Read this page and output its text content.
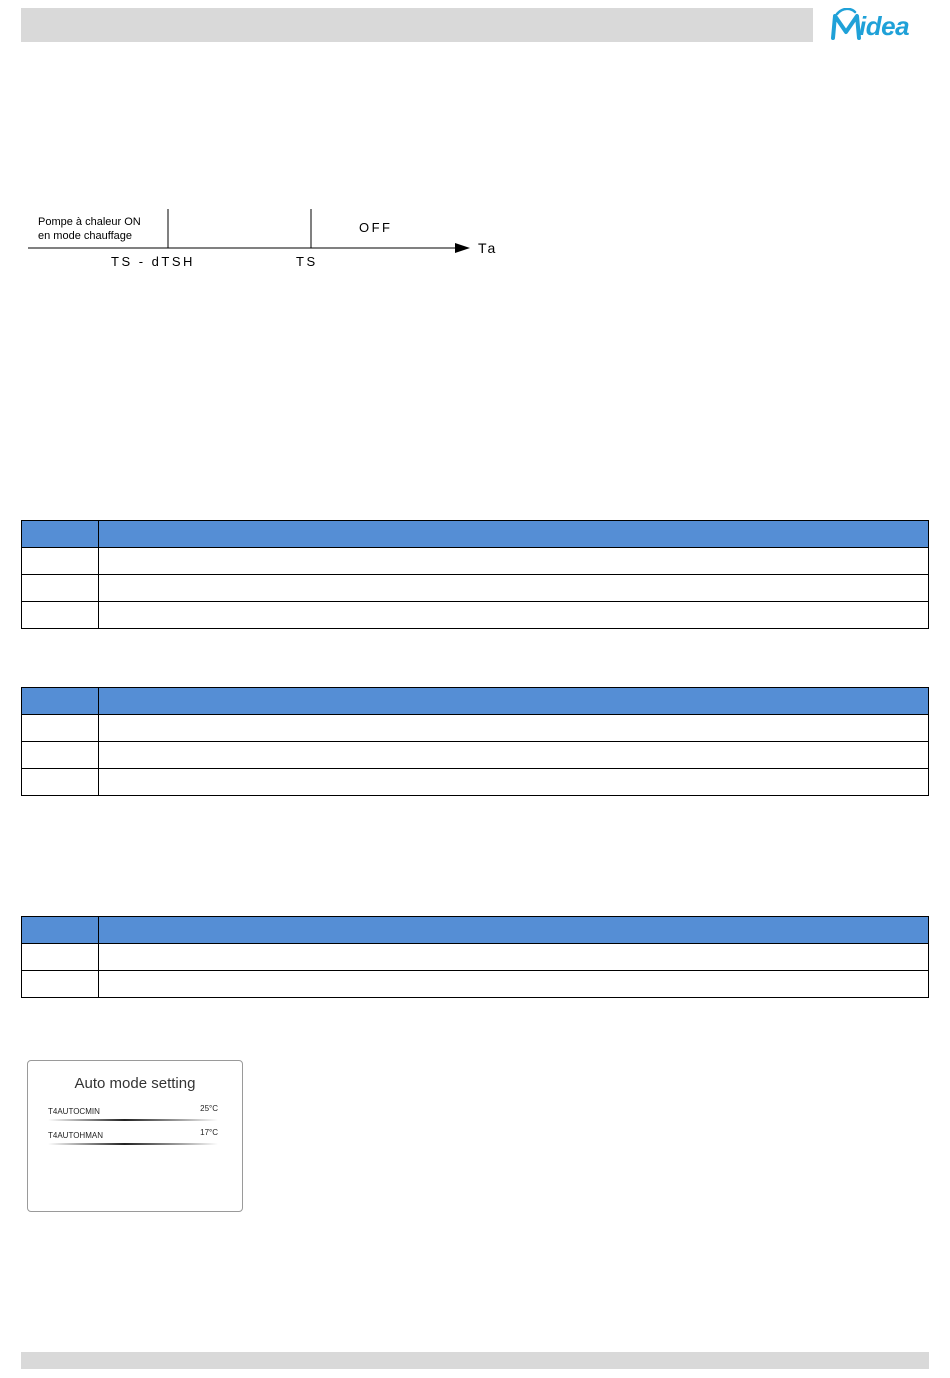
idea
Pompe à chaleur ON
en mode chauffage
OFF
Ta
TS - dTSH	TS

Auto mode setting
T4AUTOCMIN	25°C
T4AUTOHMAN	17°C
